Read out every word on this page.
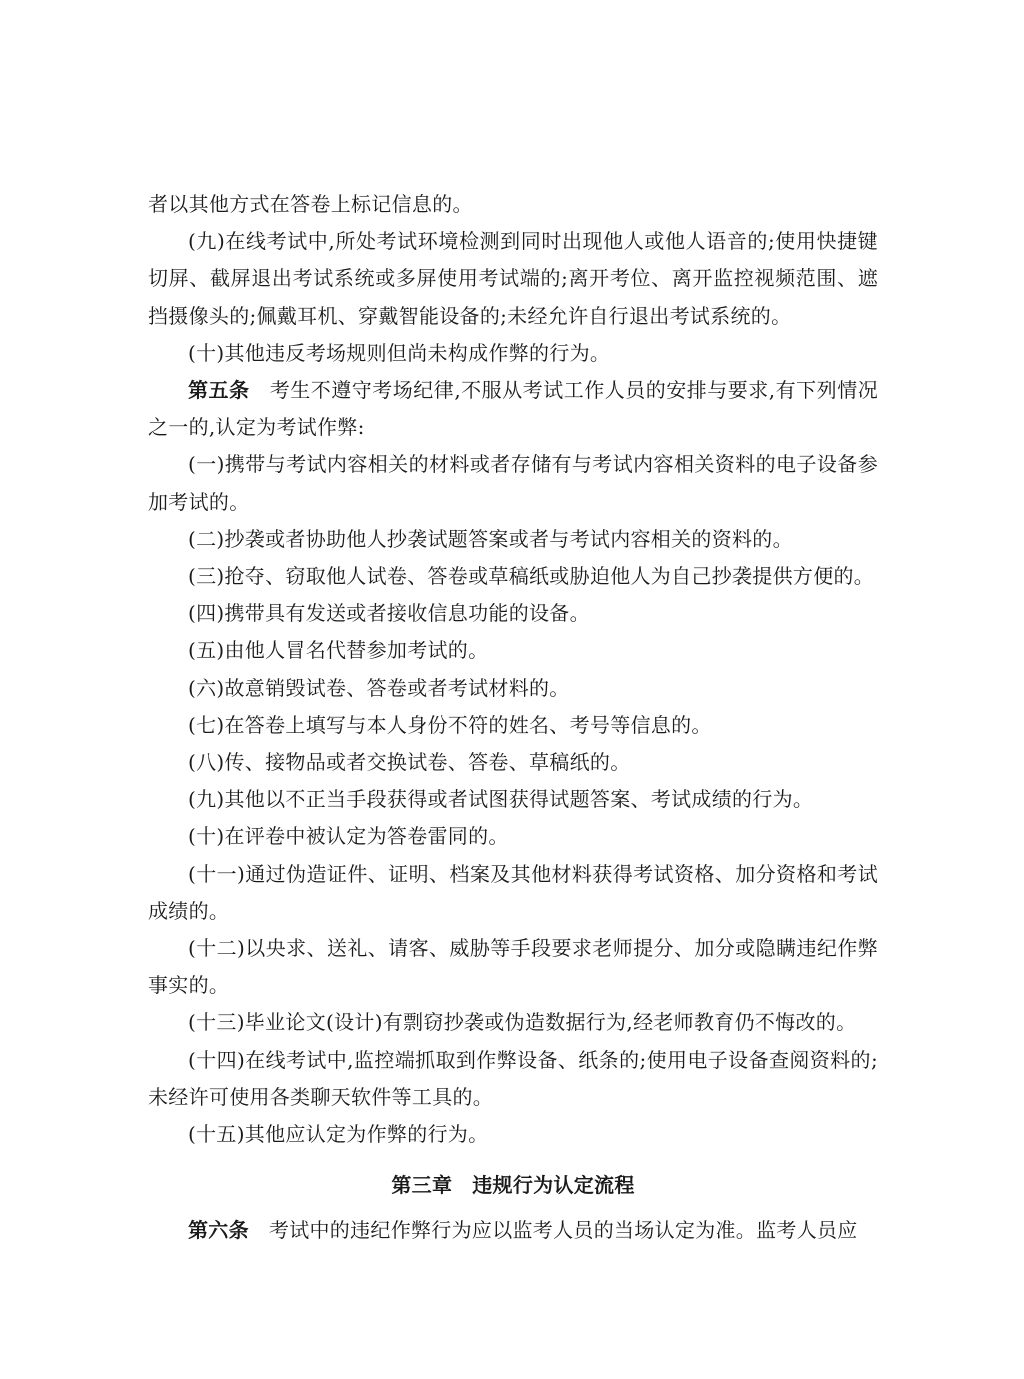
者以其他方式在答卷上标记信息的。

(九)在线考试中,所处考试环境检测到同时出现他人或他人语音的;使用快捷键切屏、截屏退出考试系统或多屏使用考试端的;离开考位、离开监控视频范围、遮挡摄像头的;佩戴耳机、穿戴智能设备的;未经允许自行退出考试系统的。

(十)其他违反考场规则但尚未构成作弊的行为。

第五条 考生不遵守考场纪律,不服从考试工作人员的安排与要求,有下列情况之一的,认定为考试作弊:

(一)携带与考试内容相关的材料或者存储有与考试内容相关资料的电子设备参加考试的。

(二)抄袭或者协助他人抄袭试题答案或者与考试内容相关的资料的。

(三)抢夺、窃取他人试卷、答卷或草稿纸或胁迫他人为自己抄袭提供方便的。

(四)携带具有发送或者接收信息功能的设备。

(五)由他人冒名代替参加考试的。

(六)故意销毁试卷、答卷或者考试材料的。

(七)在答卷上填写与本人身份不符的姓名、考号等信息的。

(八)传、接物品或者交换试卷、答卷、草稿纸的。

(九)其他以不正当手段获得或者试图获得试题答案、考试成绩的行为。

(十)在评卷中被认定为答卷雷同的。

(十一)通过伪造证件、证明、档案及其他材料获得考试资格、加分资格和考试成绩的。

(十二)以央求、送礼、请客、威胁等手段要求老师提分、加分或隐瞒违纪作弊事实的。

(十三)毕业论文(设计)有剽窃抄袭或伪造数据行为,经老师教育仍不悔改的。

(十四)在线考试中,监控端抓取到作弊设备、纸条的;使用电子设备查阅资料的;未经许可使用各类聊天软件等工具的。

(十五)其他应认定为作弊的行为。

第三章 违规行为认定流程

第六条 考试中的违纪作弊行为应以监考人员的当场认定为准。监考人员应
